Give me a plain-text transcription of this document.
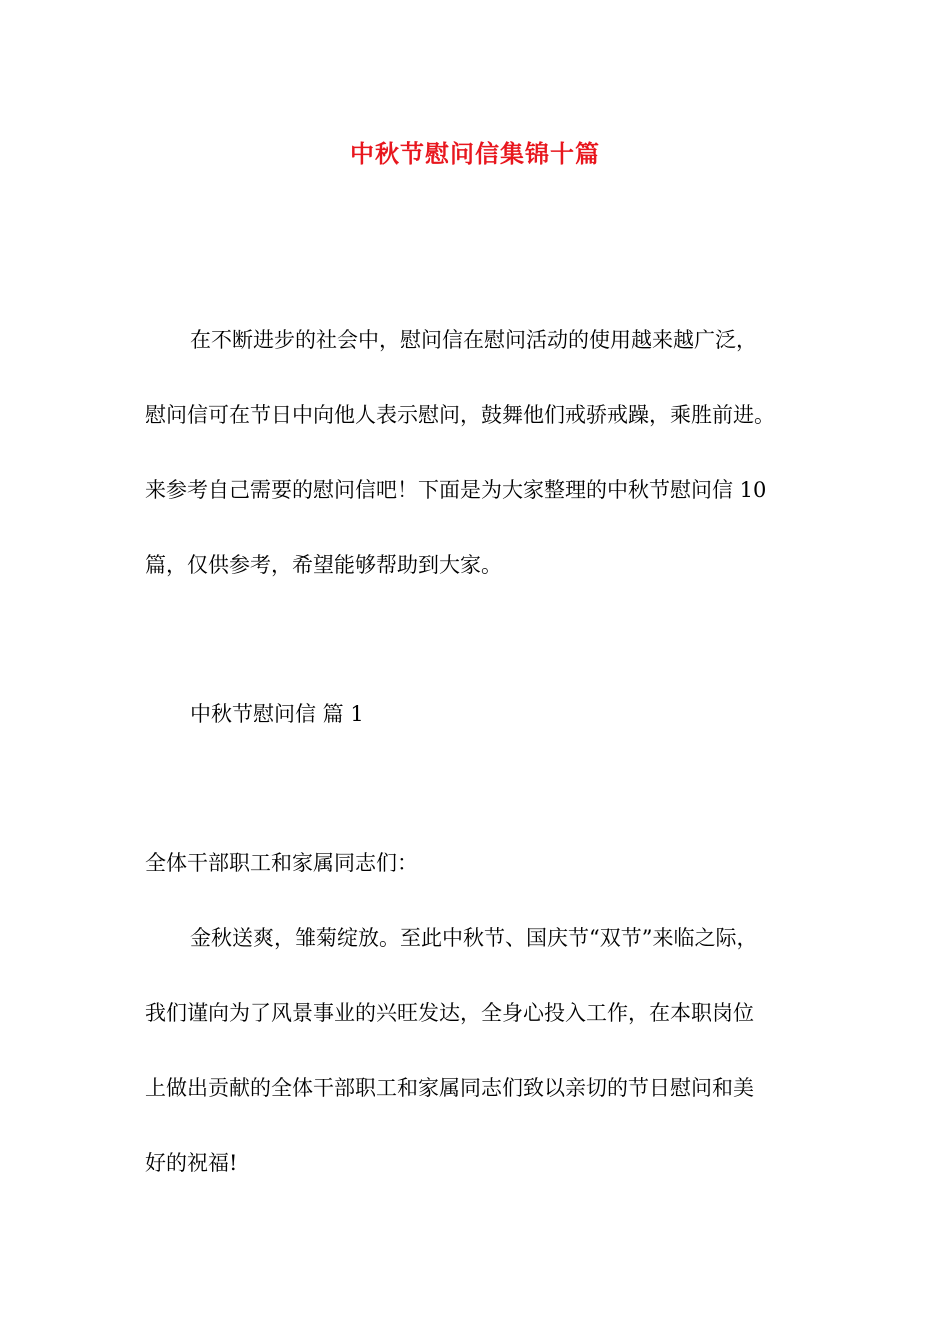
中秋节慰问信集锦十篇
在不断进步的社会中，慰问信在慰问活动的使用越来越广泛，
慰问信可在节日中向他人表示慰问，鼓舞他们戒骄戒躁，乘胜前进。
来参考自己需要的慰问信吧！下面是为大家整理的中秋节慰问信 10
篇，仅供参考，希望能够帮助到大家。
中秋节慰问信 篇 1
全体干部职工和家属同志们：
金秋送爽，雏菊绽放。至此中秋节、国庆节“双节”来临之际，
我们谨向为了风景事业的兴旺发达，全身心投入工作，在本职岗位
上做出贡献的全体干部职工和家属同志们致以亲切的节日慰问和美
好的祝福!
